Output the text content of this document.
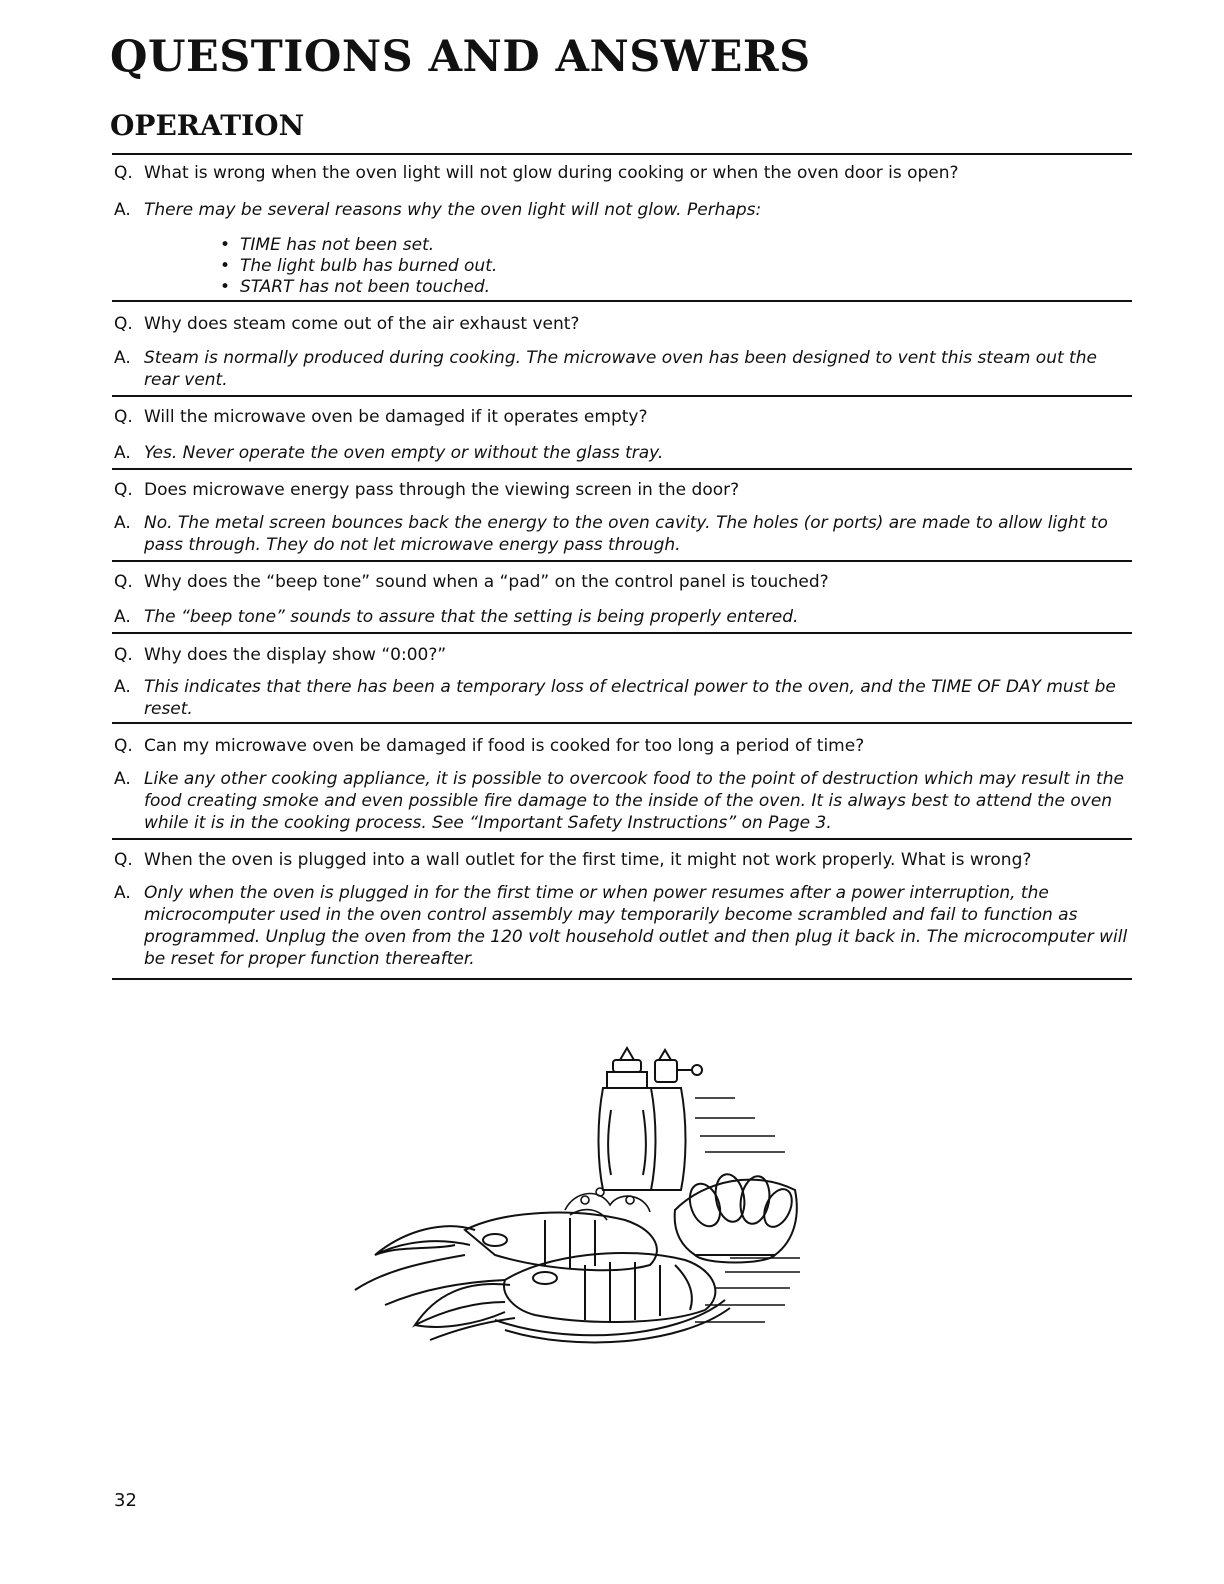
QUESTIONS AND ANSWERS
OPERATION
Q. What is wrong when the oven light will not glow during cooking or when the oven door is open?
A. There may be several reasons why the oven light will not glow. Perhaps:
• TIME has not been set.
• The light bulb has burned out.
• START has not been touched.
Q. Why does steam come out of the air exhaust vent?
A. Steam is normally produced during cooking. The microwave oven has been designed to vent this steam out the rear vent.
Q. Will the microwave oven be damaged if it operates empty?
A. Yes. Never operate the oven empty or without the glass tray.
Q. Does microwave energy pass through the viewing screen in the door?
A. No. The metal screen bounces back the energy to the oven cavity. The holes (or ports) are made to allow light to pass through. They do not let microwave energy pass through.
Q. Why does the “beep tone” sound when a “pad” on the control panel is touched?
A. The “beep tone” sounds to assure that the setting is being properly entered.
Q. Why does the display show “0:00?”
A. This indicates that there has been a temporary loss of electrical power to the oven, and the TIME OF DAY must be reset.
Q. Can my microwave oven be damaged if food is cooked for too long a period of time?
A. Like any other cooking appliance, it is possible to overcook food to the point of destruction which may result in the food creating smoke and even possible fire damage to the inside of the oven. It is always best to attend the oven while it is in the cooking process. See “Important Safety Instructions” on Page 3.
Q. When the oven is plugged into a wall outlet for the first time, it might not work properly. What is wrong?
A. Only when the oven is plugged in for the first time or when power resumes after a power interruption, the microcomputer used in the oven control assembly may temporarily become scrambled and fail to function as programmed. Unplug the oven from the 120 volt household outlet and then plug it back in. The microcomputer will be reset for proper function thereafter.
32
